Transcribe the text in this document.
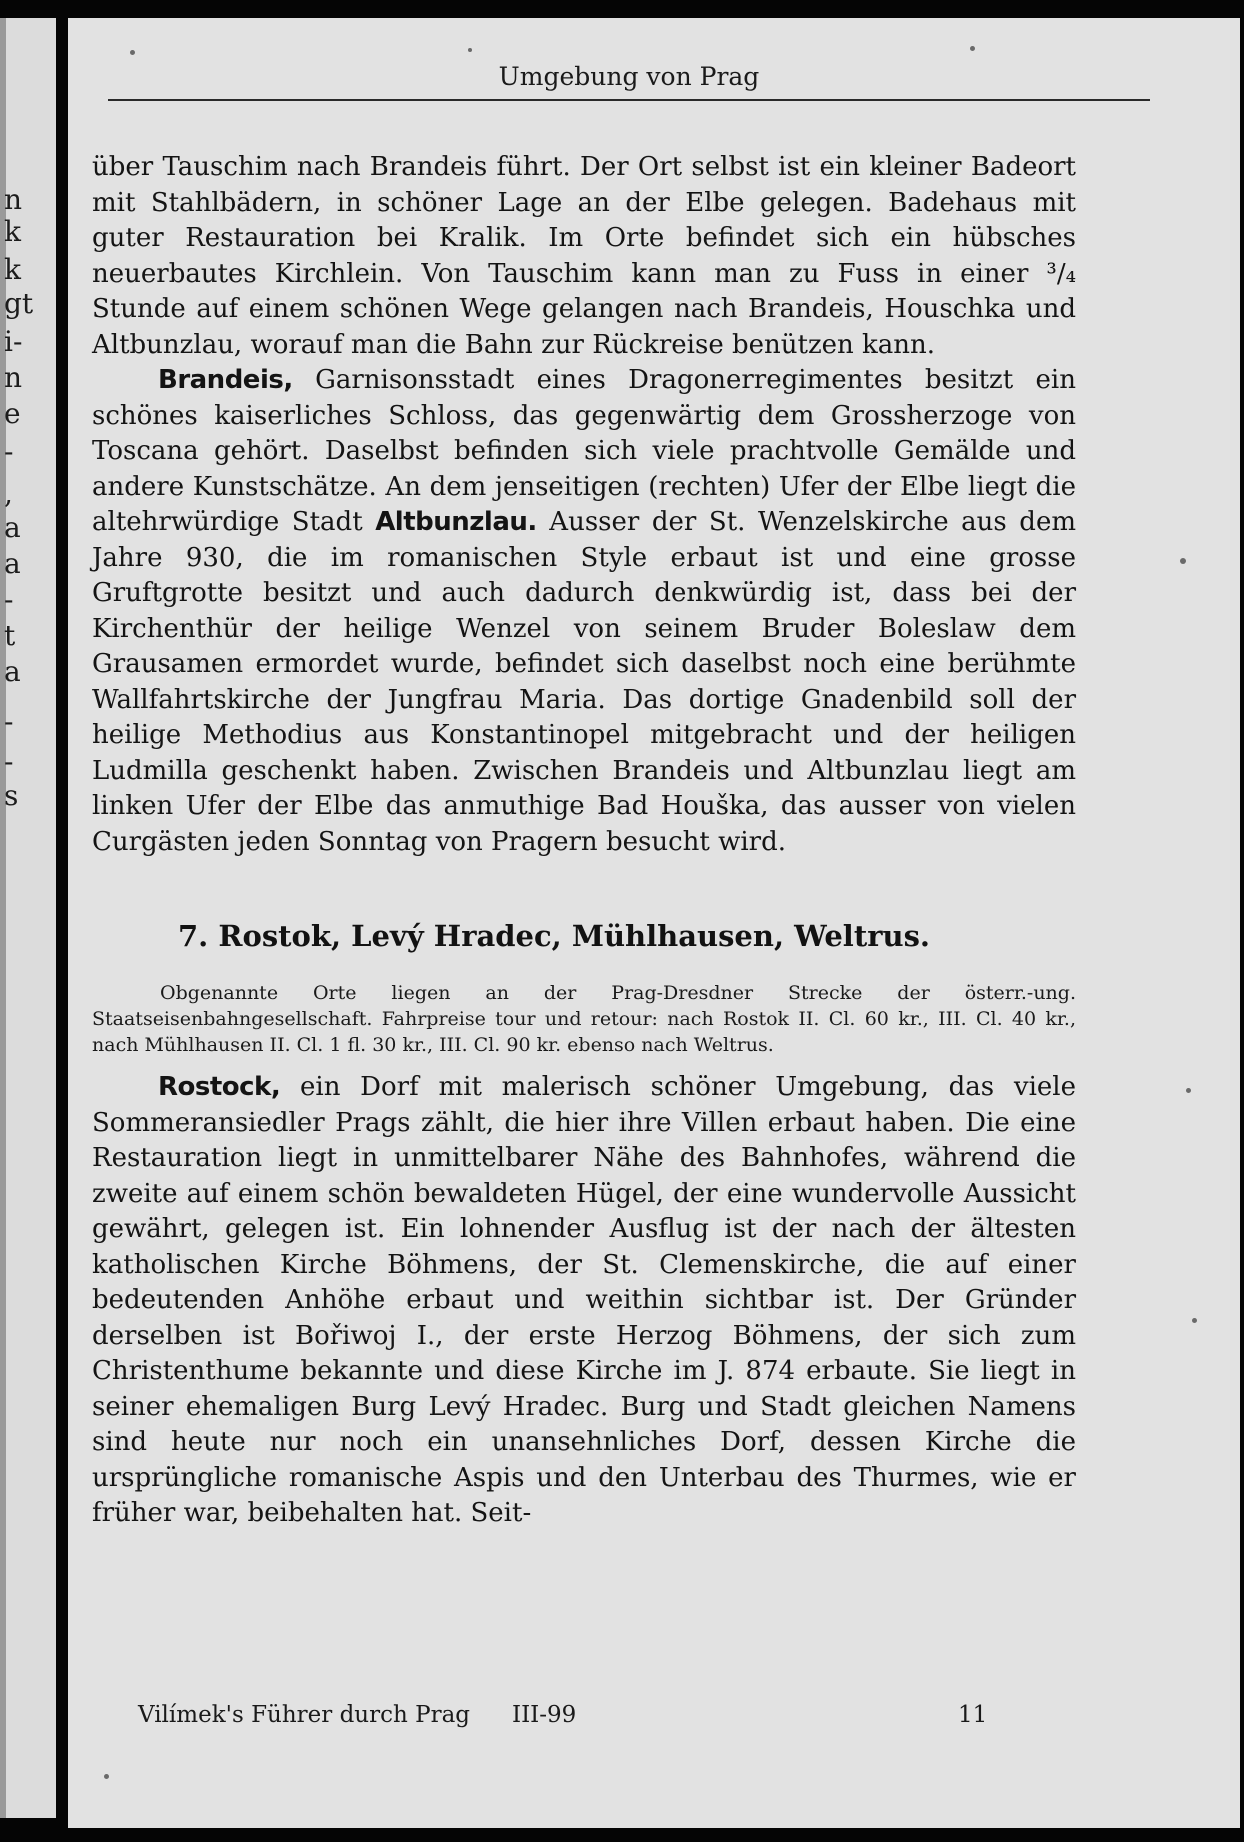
n
k
k
gt
i-
n
e
-
,
a
a
-
t
a
-
-
s
Umgebung von Prag

über Tauschim nach Brandeis führt. Der Ort selbst ist ein kleiner Badeort mit Stahlbädern, in schöner Lage an der Elbe gelegen. Badehaus mit guter Restauration bei Kralik. Im Orte befindet sich ein hübsches neuerbautes Kirchlein. Von Tauschim kann man zu Fuss in einer ³/₄ Stunde auf einem schönen Wege gelangen nach Brandeis, Houschka und Altbunzlau, worauf man die Bahn zur Rückreise benützen kann.

Brandeis, Garnisonsstadt eines Dragonerregimentes besitzt ein schönes kaiserliches Schloss, das gegenwärtig dem Grossherzoge von Toscana gehört. Daselbst befinden sich viele prachtvolle Gemälde und andere Kunstschätze. An dem jenseitigen (rechten) Ufer der Elbe liegt die altehrwürdige Stadt Altbunzlau. Ausser der St. Wenzelskirche aus dem Jahre 930, die im romanischen Style erbaut ist und eine grosse Gruftgrotte besitzt und auch dadurch denkwürdig ist, dass bei der Kirchenthür der heilige Wenzel von seinem Bruder Boleslaw dem Grausamen ermordet wurde, befindet sich daselbst noch eine berühmte Wallfahrtskirche der Jungfrau Maria. Das dortige Gnadenbild soll der heilige Methodius aus Konstantinopel mitgebracht und der heiligen Ludmilla geschenkt haben. Zwischen Brandeis und Altbunzlau liegt am linken Ufer der Elbe das anmuthige Bad Houška, das ausser von vielen Curgästen jeden Sonntag von Pragern besucht wird.

7. Rostok, Levý Hradec, Mühlhausen, Weltrus.

Obgenannte Orte liegen an der Prag-Dresdner Strecke der österr.-ung. Staatseisenbahngesellschaft. Fahrpreise tour und retour: nach Rostok II. Cl. 60 kr., III. Cl. 40 kr., nach Mühlhausen II. Cl. 1 fl. 30 kr., III. Cl. 90 kr. ebenso nach Weltrus.

Rostock, ein Dorf mit malerisch schöner Umgebung, das viele Sommeransiedler Prags zählt, die hier ihre Villen erbaut haben. Die eine Restauration liegt in unmittelbarer Nähe des Bahnhofes, während die zweite auf einem schön bewaldeten Hügel, der eine wundervolle Aussicht gewährt, gelegen ist. Ein lohnender Ausflug ist der nach der ältesten katholischen Kirche Böhmens, der St. Clemenskirche, die auf einer bedeutenden Anhöhe erbaut und weithin sichtbar ist. Der Gründer derselben ist Bořiwoj I., der erste Herzog Böhmens, der sich zum Christenthume bekannte und diese Kirche im J. 874 erbaute. Sie liegt in seiner ehemaligen Burg Levý Hradec. Burg und Stadt gleichen Namens sind heute nur noch ein unansehnliches Dorf, dessen Kirche die ursprüngliche romanische Aspis und den Unterbau des Thurmes, wie er früher war, beibehalten hat. Seit-

Vilímek's Führer durch Prag III-99	11
